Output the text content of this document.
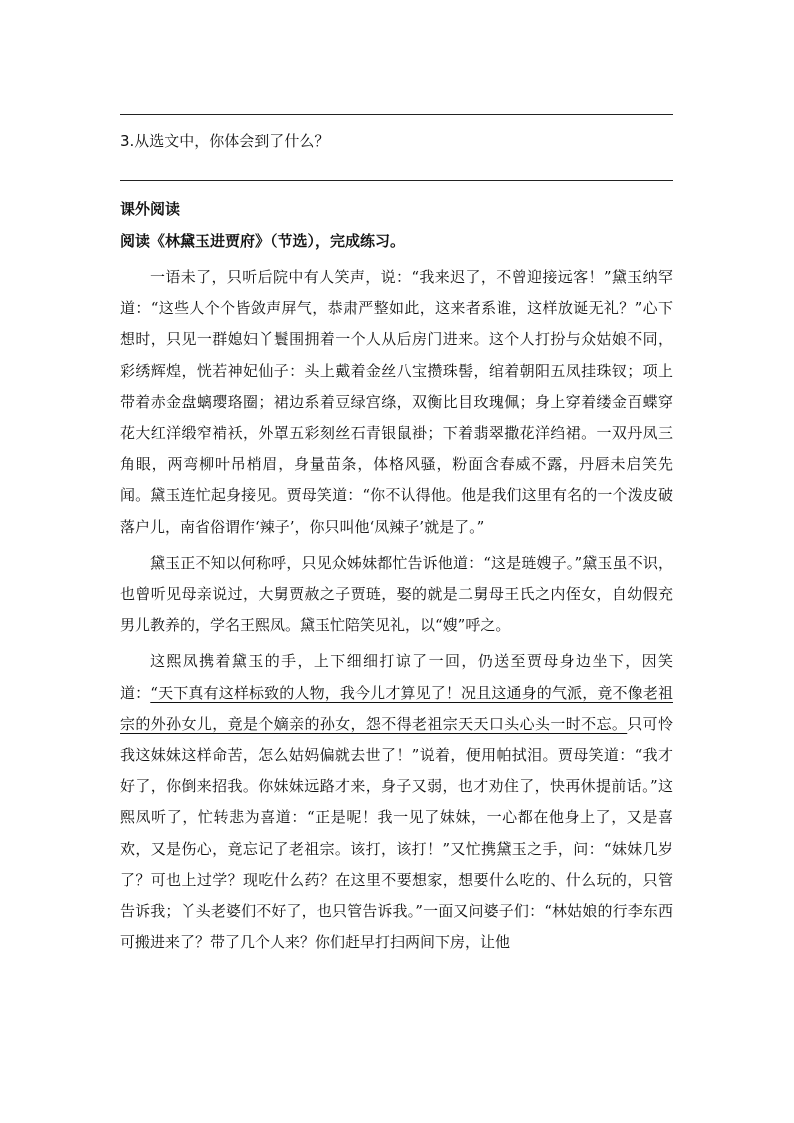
3.从选文中，你体会到了什么？
课外阅读
阅读《林黛玉进贾府》（节选），完成练习。

一语未了，只听后院中有人笑声，说：“我来迟了，不曾迎接远客！”黛玉纳罕道：“这些人个个皆敛声屏气，恭肃严整如此，这来者系谁，这样放诞无礼？”心下想时，只见一群媳妇丫鬟围拥着一个人从后房门进来。这个人打扮与众姑娘不同，彩绣辉煌，恍若神妃仙子：头上戴着金丝八宝攒珠髻，绾着朝阳五凤挂珠钗；项上带着赤金盘螭璎珞圈；裙边系着豆绿宫绦，双衡比目玫瑰佩；身上穿着缕金百蝶穿花大红洋缎窄褃袄，外罩五彩刻丝石青银鼠褂；下着翡翠撒花洋绉裙。一双丹凤三角眼，两弯柳叶吊梢眉，身量苗条，体格风骚，粉面含春威不露，丹唇未启笑先闻。黛玉连忙起身接见。贾母笑道：“你不认得他。他是我们这里有名的一个泼皮破落户儿，南省俗谓作‘辣子’，你只叫他‘凤辣子’就是了。”

黛玉正不知以何称呼，只见众姊妹都忙告诉他道：“这是琏嫂子。”黛玉虽不识，也曾听见母亲说过，大舅贾赦之子贾琏，娶的就是二舅母王氏之内侄女，自幼假充男儿教养的，学名王熙凤。黛玉忙陪笑见礼，以“嫂”呼之。

这熙凤携着黛玉的手，上下细细打谅了一回，仍送至贾母身边坐下，因笑道：“天下真有这样标致的人物，我今儿才算见了！况且这通身的气派，竟不像老祖宗的外孙女儿，竟是个嫡亲的孙女，怨不得老祖宗天天口头心头一时不忘。只可怜我这妹妹这样命苦，怎么姑妈偏就去世了！”说着，便用帕拭泪。贾母笑道：“我才好了，你倒来招我。你妹妹远路才来，身子又弱，也才劝住了，快再休提前话。”这熙凤听了，忙转悲为喜道：“正是呢！我一见了妹妹，一心都在他身上了，又是喜欢，又是伤心，竟忘记了老祖宗。该打，该打！”又忙携黛玉之手，问：“妹妹几岁了？可也上过学？现吃什么药？在这里不要想家，想要什么吃的、什么玩的，只管告诉我；丫头老婆们不好了，也只管告诉我。”一面又问婆子们：“林姑娘的行李东西可搬进来了？带了几个人来？你们赶早打扫两间下房，让他
